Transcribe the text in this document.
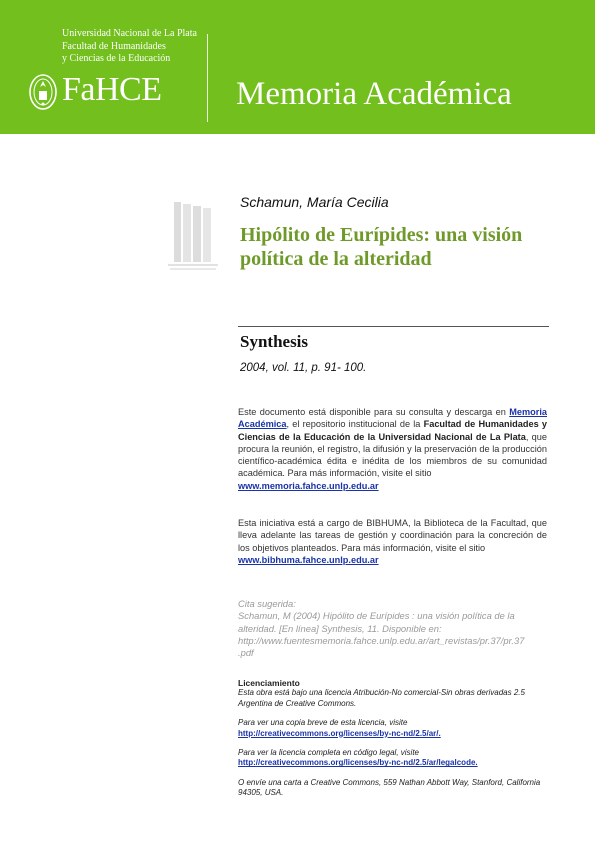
Universidad Nacional de La Plata
Facultad de Humanidades
y Ciencias de la Educación
FaHCE Memoria Académica
Schamun, María Cecilia
Hipólito de Eurípides: una visión política de la alteridad
Synthesis
2004, vol. 11, p. 91- 100.
Este documento está disponible para su consulta y descarga en Memoria Académica, el repositorio institucional de la Facultad de Humanidades y Ciencias de la Educación de la Universidad Nacional de La Plata, que procura la reunión, el registro, la difusión y la preservación de la producción científico-académica édita e inédita de los miembros de su comunidad académica. Para más información, visite el sitio
www.memoria.fahce.unlp.edu.ar
Esta iniciativa está a cargo de BIBHUMA, la Biblioteca de la Facultad, que lleva adelante las tareas de gestión y coordinación para la concreción de los objetivos planteados. Para más información, visite el sitio
www.bibhuma.fahce.unlp.edu.ar
Cita sugerida:
Schamun, M (2004) Hipólito de Eurípides : una visión política de la
alteridad. [En línea] Synthesis, 11. Disponible en:
http://www.fuentesmemoria.fahce.unlp.edu.ar/art_revistas/pr.37/pr.37
.pdf
Licenciamiento
Esta obra está bajo una licencia Atribución-No comercial-Sin obras derivadas 2.5
Argentina de Creative Commons.
Para ver una copia breve de esta licencia, visite
http://creativecommons.org/licenses/by-nc-nd/2.5/ar/.
Para ver la licencia completa en código legal, visite
http://creativecommons.org/licenses/by-nc-nd/2.5/ar/legalcode.
O envíe una carta a Creative Commons, 559 Nathan Abbott Way, Stanford, California
94305, USA.
